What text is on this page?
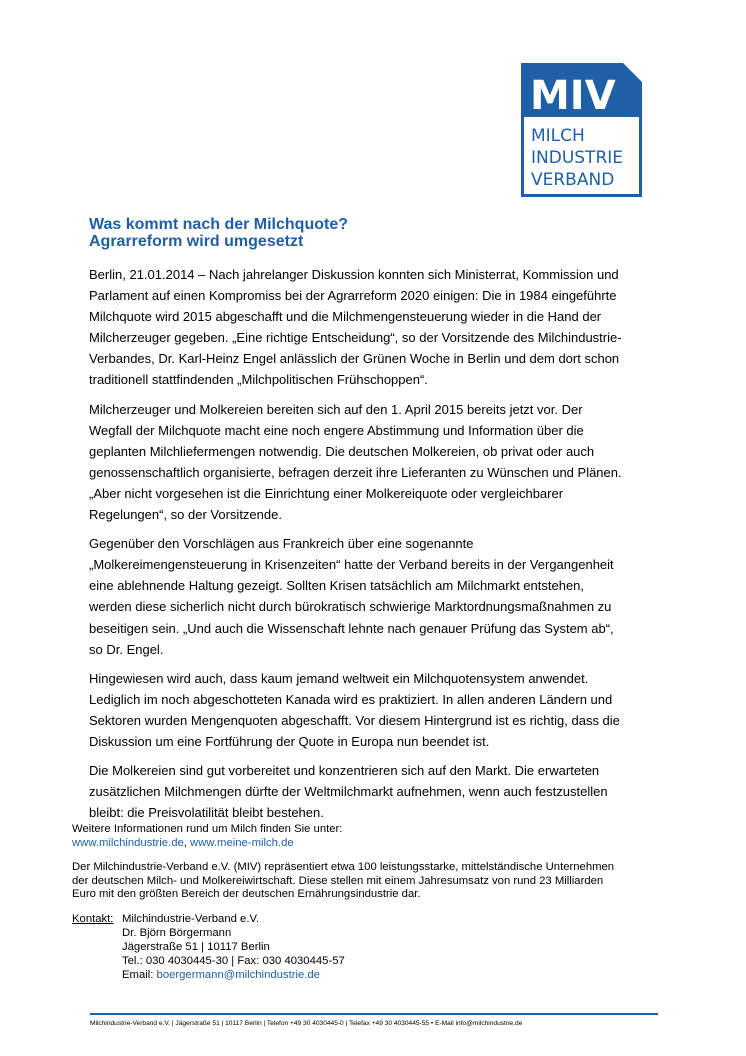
MIV
MILCH
INDUSTRIE
VERBAND
Was kommt nach der Milchquote?
Agrarreform wird umgesetzt

Berlin, 21.01.2014 – Nach jahrelanger Diskussion konnten sich Ministerrat, Kommission und
Parlament auf einen Kompromiss bei der Agrarreform 2020 einigen: Die in 1984 eingeführte
Milchquote wird 2015 abgeschafft und die Milchmengensteuerung wieder in die Hand der
Milcherzeuger gegeben. „Eine richtige Entscheidung“, so der Vorsitzende des Milchindustrie-
Verbandes, Dr. Karl-Heinz Engel anlässlich der Grünen Woche in Berlin und dem dort schon
traditionell stattfindenden „Milchpolitischen Frühschoppen“.

Milcherzeuger und Molkereien bereiten sich auf den 1. April 2015 bereits jetzt vor. Der
Wegfall der Milchquote macht eine noch engere Abstimmung und Information über die
geplanten Milchliefermengen notwendig. Die deutschen Molkereien, ob privat oder auch
genossenschaftlich organisierte, befragen derzeit ihre Lieferanten zu Wünschen und Plänen.
„Aber nicht vorgesehen ist die Einrichtung einer Molkereiquote oder vergleichbarer
Regelungen“, so der Vorsitzende.

Gegenüber den Vorschlägen aus Frankreich über eine sogenannte
„Molkereimengensteuerung in Krisenzeiten“ hatte der Verband bereits in der Vergangenheit
eine ablehnende Haltung gezeigt. Sollten Krisen tatsächlich am Milchmarkt entstehen,
werden diese sicherlich nicht durch bürokratisch schwierige Marktordnungsmaßnahmen zu
beseitigen sein. „Und auch die Wissenschaft lehnte nach genauer Prüfung das System ab“,
so Dr. Engel.

Hingewiesen wird auch, dass kaum jemand weltweit ein Milchquotensystem anwendet.
Lediglich im noch abgeschotteten Kanada wird es praktiziert. In allen anderen Ländern und
Sektoren wurden Mengenquoten abgeschafft. Vor diesem Hintergrund ist es richtig, dass die
Diskussion um eine Fortführung der Quote in Europa nun beendet ist.

Die Molkereien sind gut vorbereitet und konzentrieren sich auf den Markt. Die erwarteten
zusätzlichen Milchmengen dürfte der Weltmilchmarkt aufnehmen, wenn auch festzustellen
bleibt: die Preisvolatilität bleibt bestehen.

Weitere Informationen rund um Milch finden Sie unter:
www.milchindustrie.de, www.meine-milch.de
Der Milchindustrie-Verband e.V. (MIV) repräsentiert etwa 100 leistungsstarke, mittelständische Unternehmen
der deutschen Milch- und Molkereiwirtschaft. Diese stellen mit einem Jahresumsatz von rund 23 Milliarden
Euro mit den größten Bereich der deutschen Ernährungsindustrie dar.
Kontakt: Milchindustrie-Verband e.V.
Dr. Björn Börgermann
Jägerstraße 51 | 10117 Berlin
Tel.: 030 4030445-30 | Fax: 030 4030445-57
Email: boergermann@milchindustrie.de
Milchindustrie-Verband e.V. | Jägerstraße 51 | 10117 Berlin | Telefon +49 30 4030445-0 | Telefax +49 30 4030445-55 • E-Mail info@milchindustrie.de
